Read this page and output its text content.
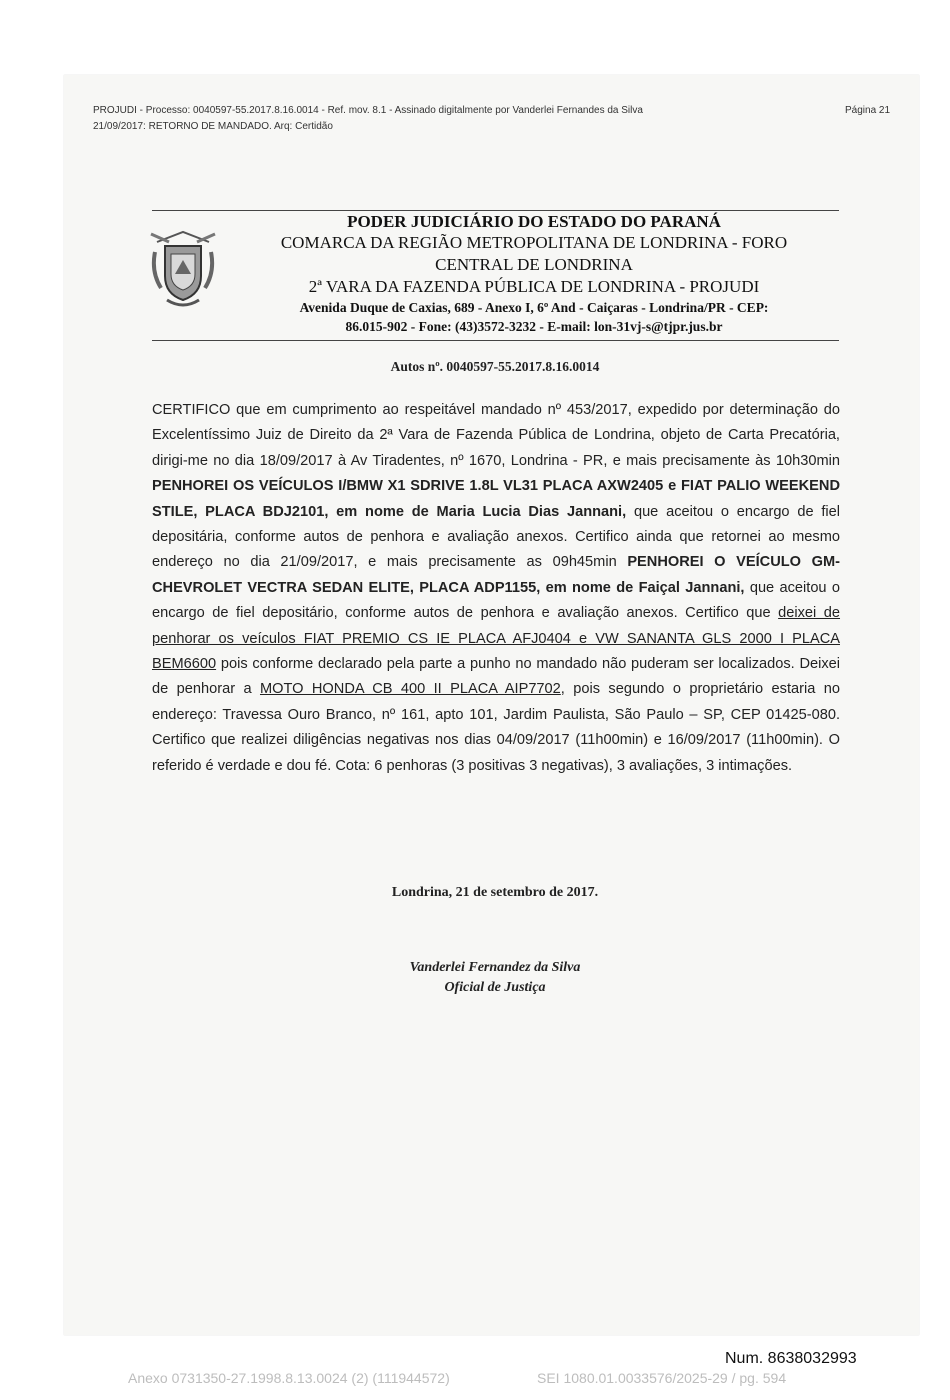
PROJUDI - Processo: 0040597-55.2017.8.16.0014 - Ref. mov. 8.1 - Assinado digitalmente por Vanderlei Fernandes da Silva
21/09/2017: RETORNO DE MANDADO. Arq: Certidão
Página 21
PODER JUDICIÁRIO DO ESTADO DO PARANÁ
COMARCA DA REGIÃO METROPOLITANA DE LONDRINA - FORO
CENTRAL DE LONDRINA
2ª VARA DA FAZENDA PÚBLICA DE LONDRINA - PROJUDI
Avenida Duque de Caxias, 689 - Anexo I, 6º And - Caiçaras - Londrina/PR - CEP:
86.015-902 - Fone: (43)3572-3232 - E-mail: lon-31vj-s@tjpr.jus.br
Autos nº. 0040597-55.2017.8.16.0014
CERTIFICO que em cumprimento ao respeitável mandado nº 453/2017, expedido por determinação do Excelentíssimo Juiz de Direito da 2ª Vara de Fazenda Pública de Londrina, objeto de Carta Precatória, dirigi-me no dia 18/09/2017 à Av Tiradentes, nº 1670, Londrina - PR, e mais precisamente às 10h30min PENHOREI OS VEÍCULOS I/BMW X1 SDRIVE 1.8L VL31 PLACA AXW2405 e FIAT PALIO WEEKEND STILE, PLACA BDJ2101, em nome de Maria Lucia Dias Jannani, que aceitou o encargo de fiel depositária, conforme autos de penhora e avaliação anexos. Certifico ainda que retornei ao mesmo endereço no dia 21/09/2017, e mais precisamente as 09h45min PENHOREI O VEÍCULO GM-CHEVROLET VECTRA SEDAN ELITE, PLACA ADP1155, em nome de Faiçal Jannani, que aceitou o encargo de fiel depositário, conforme autos de penhora e avaliação anexos. Certifico que deixei de penhorar os veículos FIAT PREMIO CS IE PLACA AFJ0404 e VW SANANTA GLS 2000 I PLACA BEM6600 pois conforme declarado pela parte a punho no mandado não puderam ser localizados. Deixei de penhorar a MOTO HONDA CB 400 II PLACA AIP7702, pois segundo o proprietário estaria no endereço: Travessa Ouro Branco, nº 161, apto 101, Jardim Paulista, São Paulo – SP, CEP 01425-080. Certifico que realizei diligências negativas nos dias 04/09/2017 (11h00min) e 16/09/2017 (11h00min). O referido é verdade e dou fé. Cota: 6 penhoras (3 positivas 3 negativas), 3 avaliações, 3 intimações.
Londrina, 21 de setembro de 2017.
Vanderlei Fernandez da Silva
Oficial de Justiça
Num. 8638032993
Anexo 0731350-27.1998.8.13.0024 (2) (111944572)	SEI 1080.01.0033576/2025-29 / pg. 594
